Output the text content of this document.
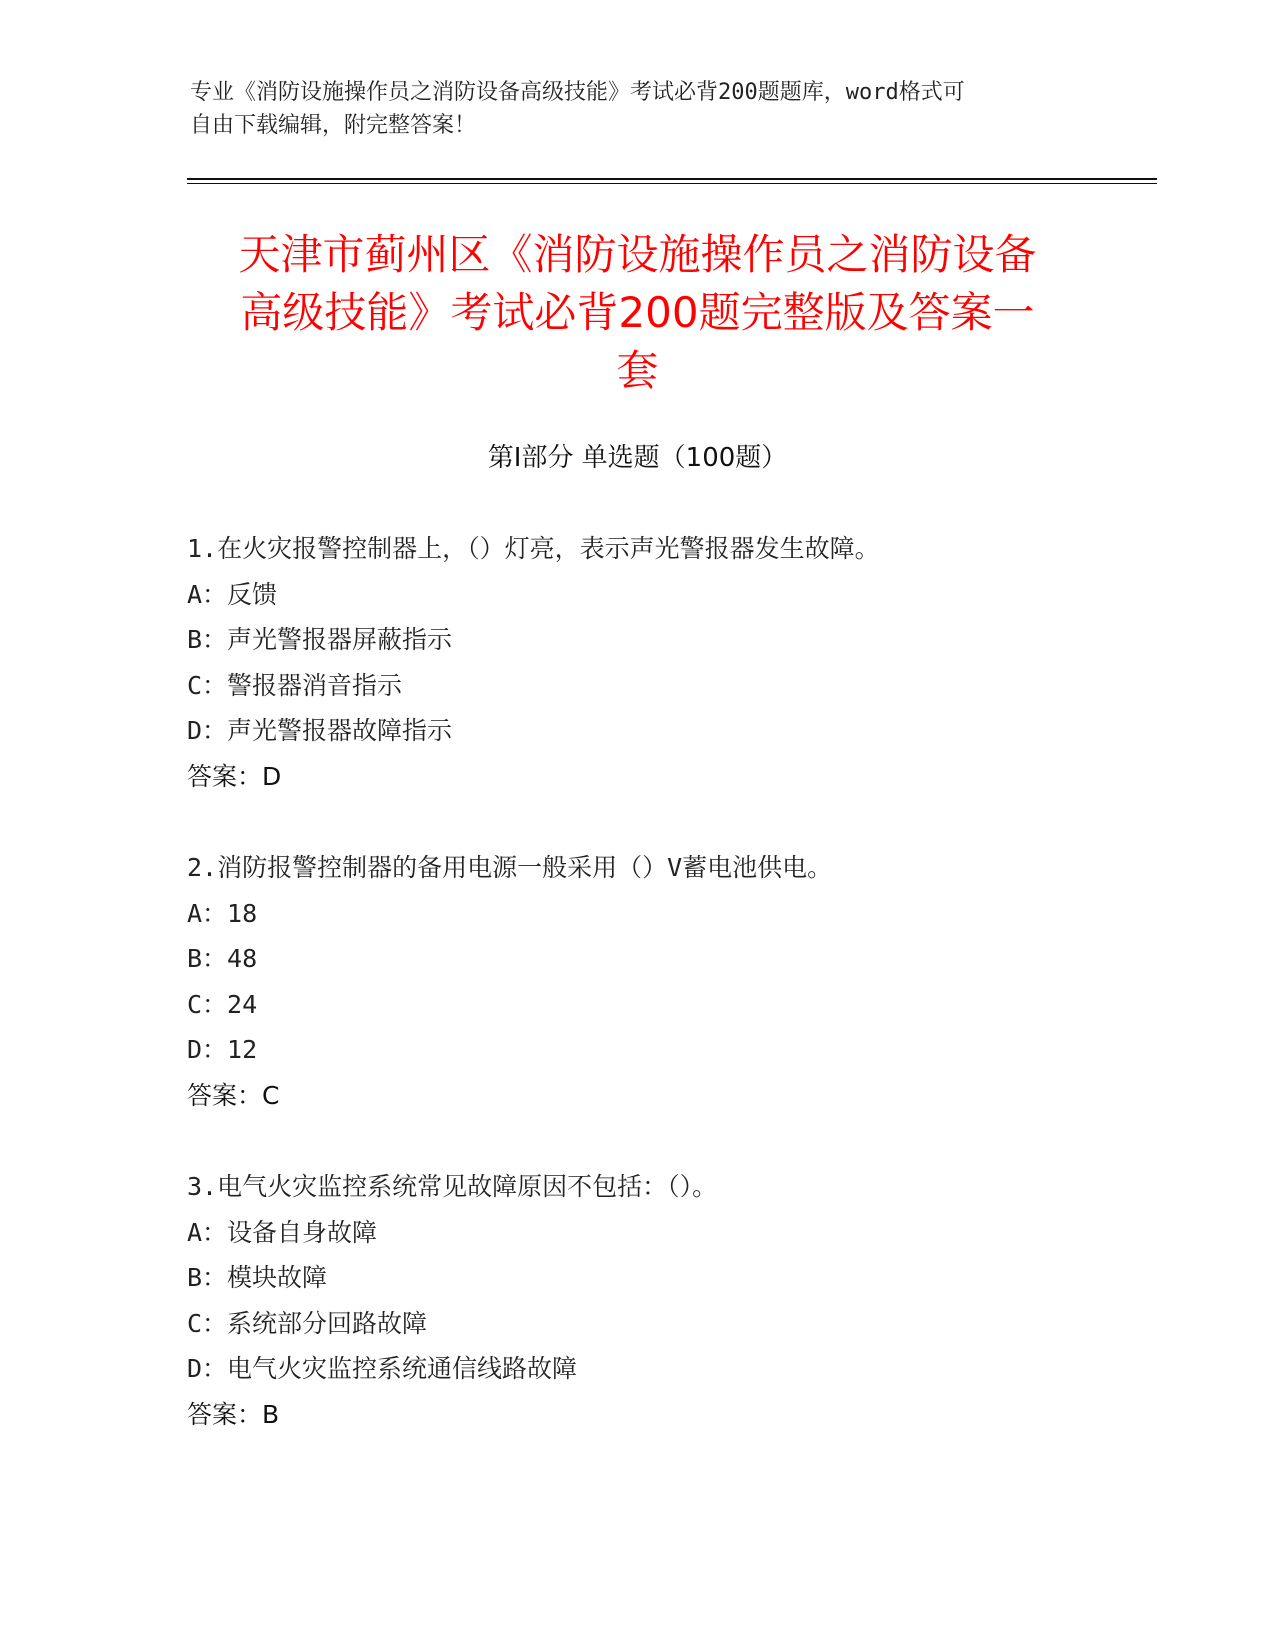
专业《消防设施操作员之消防设备高级技能》考试必背200题题库，word格式可
自由下载编辑，附完整答案！
天津市蓟州区《消防设施操作员之消防设备
高级技能》考试必背200题完整版及答案一
套
第I部分 单选题（100题）
1.在火灾报警控制器上，（）灯亮，表示声光警报器发生故障。
A：反馈
B：声光警报器屏蔽指示
C：警报器消音指示
D：声光警报器故障指示
答案：D
2.消防报警控制器的备用电源一般采用（）V蓄电池供电。
A：18
B：48
C：24
D：12
答案：C
3.电气火灾监控系统常见故障原因不包括：（）。
A：设备自身故障
B：模块故障
C：系统部分回路故障
D：电气火灾监控系统通信线路故障
答案：B
